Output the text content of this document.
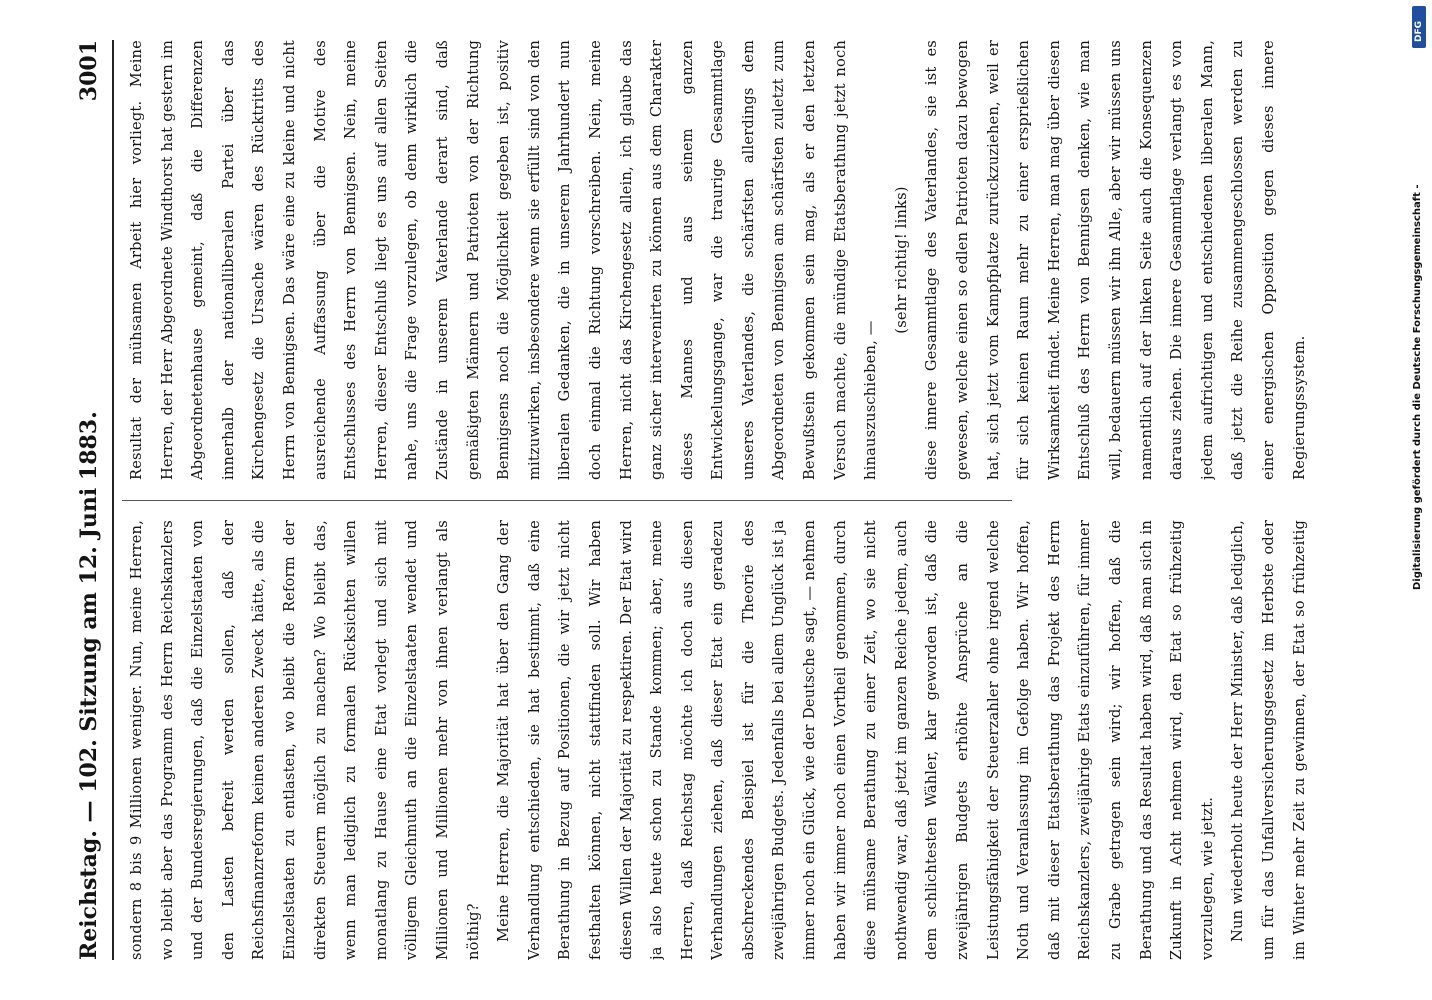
Reichstag. — 102. Sitzung am 12. Juni 1883.
3001

sondern 8 bis 9 Millionen weniger. Nun, meine Herren, wo bleibt aber das Programm des Herrn Reichskanzlers und der Bundesregierungen, daß die Einzelstaaten von den Lasten befreit werden sollen, daß der Reichsfinanzreform keinen anderen Zweck hätte, als die Einzelstaaten zu entlasten, wo bleibt die Reform der direkten Steuern möglich zu machen? Wo bleibt das, wenn man lediglich zu formalen Rücksichten willen monatlang zu Hause eine Etat vorlegt und sich mit völligem Gleichmuth an die Einzelstaaten wendet und Millionen und Millionen mehr von ihnen verlangt als nöthig? Meine Herren, die Majorität hat über den Gang der Verhandlung entschieden, sie hat bestimmt, daß eine Berathung in Bezug auf Positionen, die wir jetzt nicht festhalten können, nicht stattfinden soll. Wir haben diesen Willen der Majorität zu respektiren. Der Etat wird ja also heute schon zu Stande kommen; aber, meine Herren, daß Reichstag möchte ich doch aus diesen Verhandlungen ziehen, daß dieser Etat ein geradezu abschreckendes Beispiel ist für die Theorie des zweijährigen Budgets. Jedenfalls bei allem Unglück ist ja immer noch ein Glück, wie der Deutsche sagt, — nehmen haben wir immer noch einen Vortheil genommen, durch diese mühsame Berathung zu einer Zeit, wo sie nicht nothwendig war, daß jetzt im ganzen Reiche jedem, auch dem schlichtesten Wähler, klar geworden ist, daß die zweijährigen Budgets erhöhte Ansprüche an die Leistungsfähigkeit der Steuerzahler ohne irgend welche Noth und Veranlassung im Gefolge haben. Wir hoffen, daß mit dieser Etatsberathung das Projekt des Herrn Reichskanzlers, zweijährige Etats einzuführen, für immer zu Grabe getragen sein wird; wir hoffen, daß die Berathung und das Resultat haben wird, daß man sich in Zukunft in Acht nehmen wird, den Etat so frühzeitig vorzulegen, wie jetzt. Nun wiederholt heute der Herr Minister, daß lediglich, um für das Unfallversicherungsgesetz im Herbste oder im Winter mehr Zeit zu gewinnen, der Etat so frühzeitig

Resultat der mühsamen Arbeit hier vorliegt. Meine Herren, der Herr Abgeordnete Windthorst hat gestern im Abgeordnetenhause gemeint, daß die Differenzen innerhalb der nationalliberalen Partei über das Kirchengesetz die Ursache wären des Rücktritts des Herrn von Bennigsen. Das wäre eine zu kleine und nicht ausreichende Auffassung über die Motive des Entschlusses des Herrn von Bennigsen. Nein, meine Herren, dieser Entschluß liegt es uns auf allen Seiten nahe, uns die Frage vorzulegen, ob denn wirklich die Zustände in unserem Vaterlande derart sind, daß gemäßigten Männern und Patrioten von der Richtung Bennigsens noch die Möglichkeit gegeben ist, positiv mitzuwirken, insbesondere wenn sie erfüllt sind von den liberalen Gedanken, die in unserem Jahrhundert nun doch einmal die Richtung vorschreiben. Nein, meine Herren, nicht das Kirchengesetz allein, ich glaube das ganz sicher intervenirten zu können aus dem Charakter dieses Mannes und aus seinem ganzen Entwickelungsgange, war die traurige Gesammtlage unseres Vaterlandes, die schärfsten allerdings dem Abgeordneten von Bennigsen am schärfsten zuletzt zum Bewußtsein gekommen sein mag, als er den letzten Versuch machte, die mündige Etatsberathung jetzt noch hinauszuschieben, —

(sehr richtig! links) diese innere Gesammtlage des Vaterlandes, sie ist es gewesen, welche einen so edlen Patrioten dazu bewogen hat, sich jetzt vom Kampfplatze zurückzuziehen, weil er für sich keinen Raum mehr zu einer ersprießlichen Wirksamkeit findet. Meine Herren, man mag über diesen Entschluß des Herrn von Bennigsen denken, wie man will, bedauern müssen wir ihn Alle, aber wir müssen uns namentlich auf der linken Seite auch die Konsequenzen daraus ziehen. Die innere Gesammtlage verlangt es von jedem aufrichtigen und entschiedenen liberalen Mann, daß jetzt die Reihe zusammengeschlossen werden zu einer energischen Opposition gegen dieses innere Regierungssystem.

DFG
Digitalisierung gefördert durch die Deutsche Forschungsgemeinschaft -
